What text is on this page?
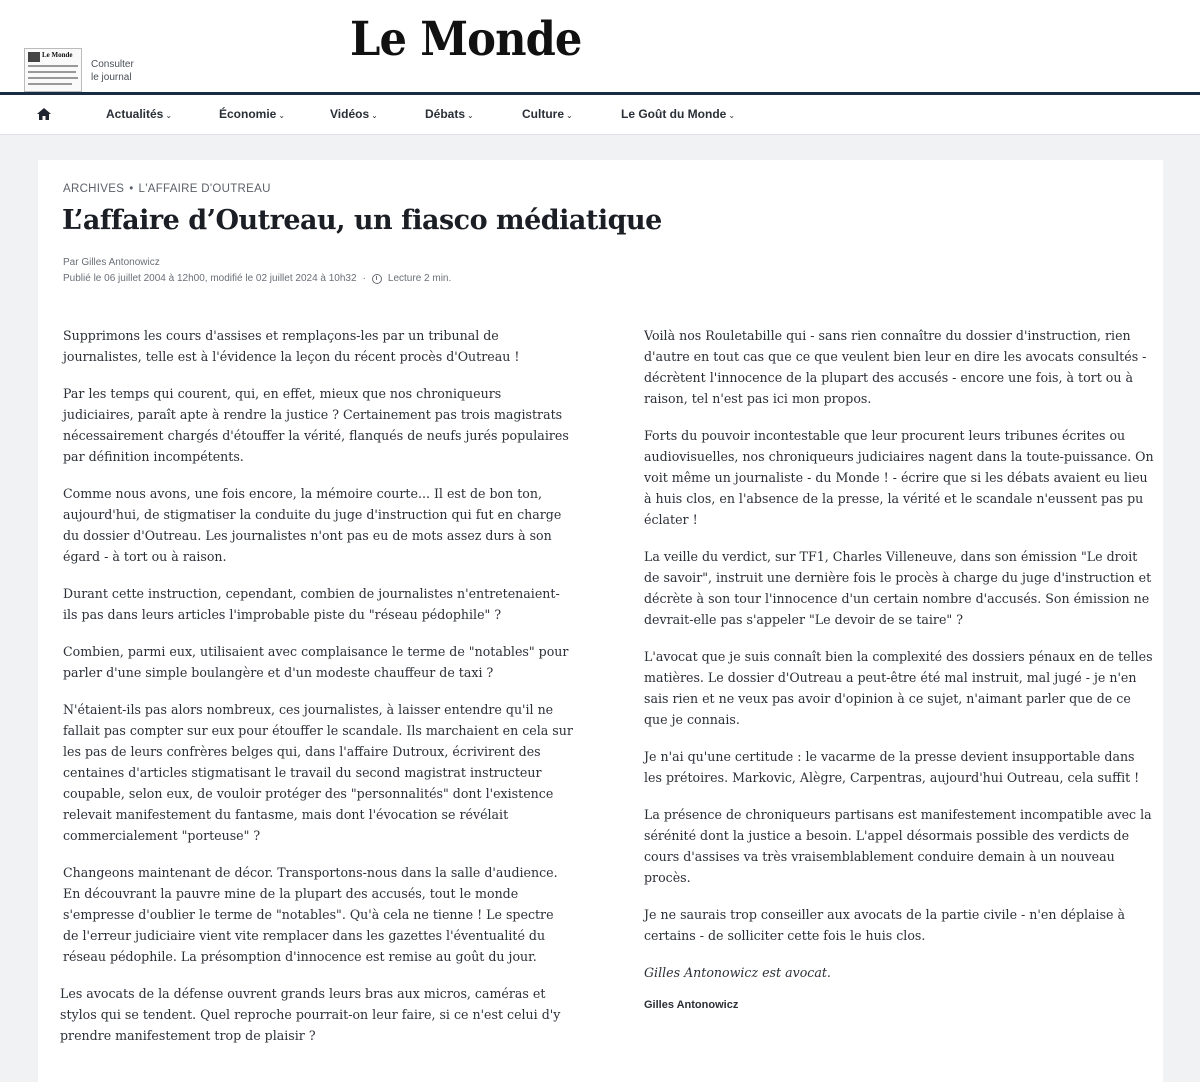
Le Monde
Consulter
le journal
Le Monde
Actualités ⌄	Économie ⌄	Vidéos ⌄	Débats ⌄	Culture ⌄	Le Goût du Monde ⌄
ARCHIVES • L'AFFAIRE D'OUTREAU
L’affaire d’Outreau, un fiasco médiatique
Par Gilles Antonowicz
Publié le 06 juillet 2004 à 12h00, modifié le 02 juillet 2024 à 10h32 · Lecture 2 min.

Supprimons les cours d'assises et remplaçons-les par un tribunal de journalistes, telle est à l'évidence la leçon du récent procès d'Outreau !

Par les temps qui courent, qui, en effet, mieux que nos chroniqueurs judiciaires, paraît apte à rendre la justice ? Certainement pas trois magistrats nécessairement chargés d'étouffer la vérité, flanqués de neufs jurés populaires par définition incompétents.

Comme nous avons, une fois encore, la mémoire courte... Il est de bon ton, aujourd'hui, de stigmatiser la conduite du juge d'instruction qui fut en charge du dossier d'Outreau. Les journalistes n'ont pas eu de mots assez durs à son égard - à tort ou à raison.

Durant cette instruction, cependant, combien de journalistes n'entretenaient-ils pas dans leurs articles l'improbable piste du "réseau pédophile" ?

Combien, parmi eux, utilisaient avec complaisance le terme de "notables" pour parler d'une simple boulangère et d'un modeste chauffeur de taxi ?

N'étaient-ils pas alors nombreux, ces journalistes, à laisser entendre qu'il ne fallait pas compter sur eux pour étouffer le scandale. Ils marchaient en cela sur les pas de leurs confrères belges qui, dans l'affaire Dutroux, écrivirent des centaines d'articles stigmatisant le travail du second magistrat instructeur coupable, selon eux, de vouloir protéger des "personnalités" dont l'existence relevait manifestement du fantasme, mais dont l'évocation se révélait commercialement "porteuse" ?

Changeons maintenant de décor. Transportons-nous dans la salle d'audience. En découvrant la pauvre mine de la plupart des accusés, tout le monde s'empresse d'oublier le terme de "notables". Qu'à cela ne tienne ! Le spectre de l'erreur judiciaire vient vite remplacer dans les gazettes l'éventualité du réseau pédophile. La présomption d'innocence est remise au goût du jour.

Les avocats de la défense ouvrent grands leurs bras aux micros, caméras et stylos qui se tendent. Quel reproche pourrait-on leur faire, si ce n'est celui d'y prendre manifestement trop de plaisir ?

Voilà nos Rouletabille qui - sans rien connaître du dossier d'instruction, rien d'autre en tout cas que ce que veulent bien leur en dire les avocats consultés - décrètent l'innocence de la plupart des accusés - encore une fois, à tort ou à raison, tel n'est pas ici mon propos.

Forts du pouvoir incontestable que leur procurent leurs tribunes écrites ou audiovisuelles, nos chroniqueurs judiciaires nagent dans la toute-puissance. On voit même un journaliste - du Monde ! - écrire que si les débats avaient eu lieu à huis clos, en l'absence de la presse, la vérité et le scandale n'eussent pas pu éclater !

La veille du verdict, sur TF1, Charles Villeneuve, dans son émission "Le droit de savoir", instruit une dernière fois le procès à charge du juge d'instruction et décrète à son tour l'innocence d'un certain nombre d'accusés. Son émission ne devrait-elle pas s'appeler "Le devoir de se taire" ?

L'avocat que je suis connaît bien la complexité des dossiers pénaux en de telles matières. Le dossier d'Outreau a peut-être été mal instruit, mal jugé - je n'en sais rien et ne veux pas avoir d'opinion à ce sujet, n'aimant parler que de ce que je connais.

Je n'ai qu'une certitude : le vacarme de la presse devient insupportable dans les prétoires. Markovic, Alègre, Carpentras, aujourd'hui Outreau, cela suffit !

La présence de chroniqueurs partisans est manifestement incompatible avec la sérénité dont la justice a besoin. L'appel désormais possible des verdicts de cours d'assises va très vraisemblablement conduire demain à un nouveau procès.

Je ne saurais trop conseiller aux avocats de la partie civile - n'en déplaise à certains - de solliciter cette fois le huis clos.

Gilles Antonowicz est avocat.

Gilles Antonowicz
